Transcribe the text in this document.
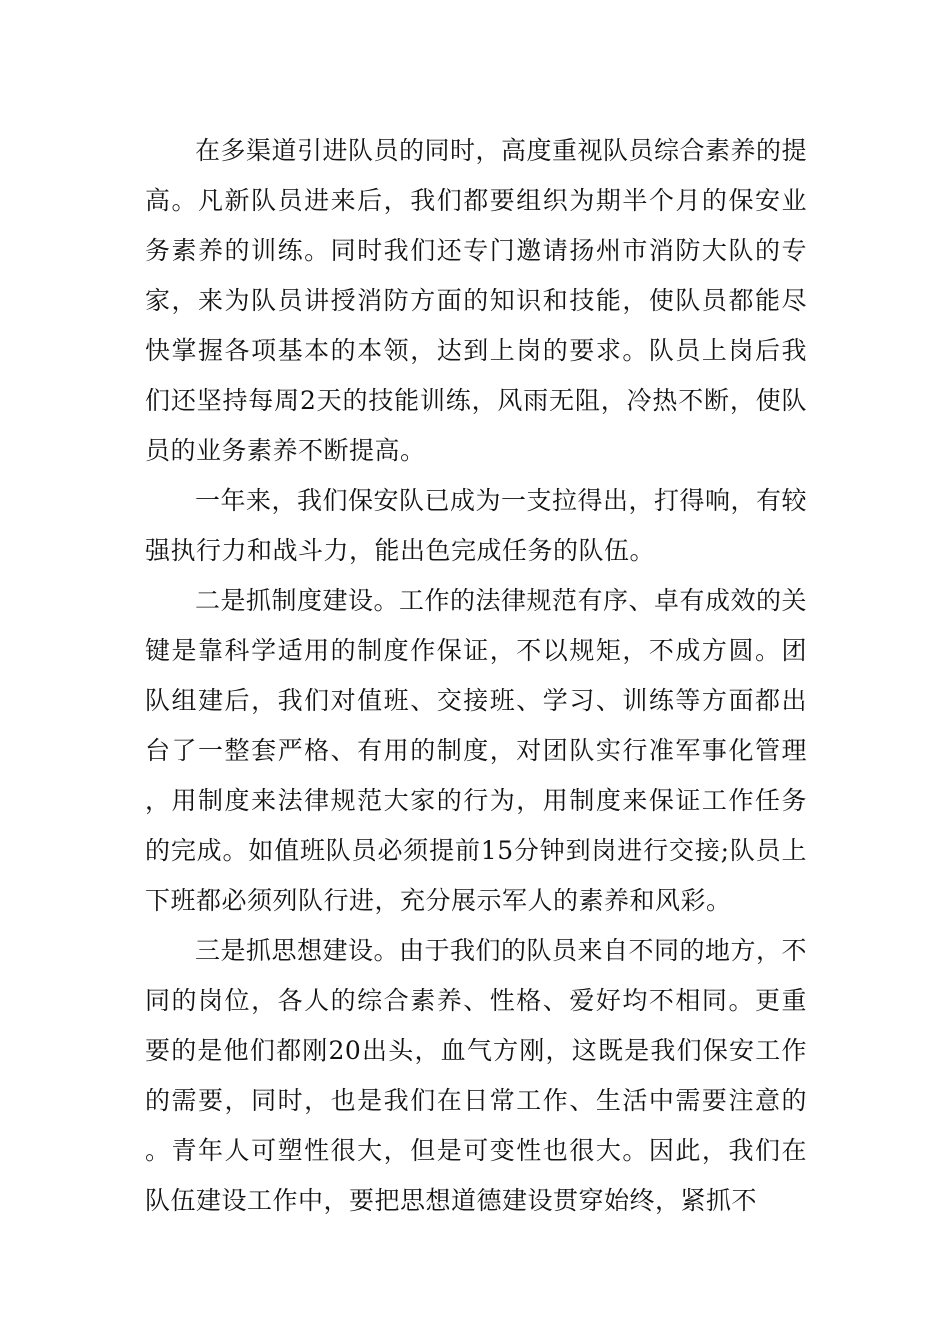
在多渠道引进队员的同时，高度重视队员综合素养的提高。凡新队员进来后，我们都要组织为期半个月的保安业务素养的训练。同时我们还专门邀请扬州市消防大队的专家，来为队员讲授消防方面的知识和技能，使队员都能尽快掌握各项基本的本领，达到上岗的要求。队员上岗后我们还坚持每周2天的技能训练，风雨无阻，冷热不断，使队员的业务素养不断提高。

一年来，我们保安队已成为一支拉得出，打得响，有较强执行力和战斗力，能出色完成任务的队伍。

二是抓制度建设。工作的法律规范有序、卓有成效的关键是靠科学适用的制度作保证，不以规矩，不成方圆。团队组建后，我们对值班、交接班、学习、训练等方面都出台了一整套严格、有用的制度，对团队实行准军事化管理，用制度来法律规范大家的行为，用制度来保证工作任务的完成。如值班队员必须提前15分钟到岗进行交接;队员上下班都必须列队行进，充分展示军人的素养和风彩。

三是抓思想建设。由于我们的队员来自不同的地方，不同的岗位，各人的综合素养、性格、爱好均不相同。更重要的是他们都刚20出头，血气方刚，这既是我们保安工作的需要，同时，也是我们在日常工作、生活中需要注意的。青年人可塑性很大，但是可变性也很大。因此，我们在队伍建设工作中，要把思想道德建设贯穿始终，紧抓不
